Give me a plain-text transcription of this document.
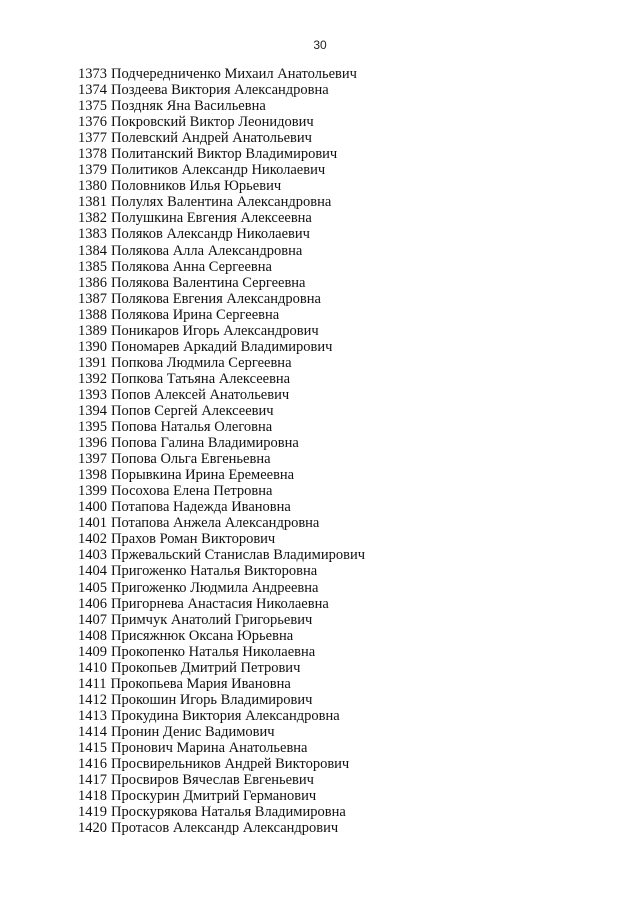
30
1373 Подчередниченко Михаил Анатольевич
1374 Поздеева Виктория Александровна
1375 Поздняк Яна Васильевна
1376 Покровский Виктор Леонидович
1377 Полевский Андрей Анатольевич
1378 Политанский Виктор Владимирович
1379 Политиков Александр Николаевич
1380 Половников Илья Юрьевич
1381 Полулях Валентина Александровна
1382 Полушкина Евгения Алексеевна
1383 Поляков Александр Николаевич
1384 Полякова Алла Александровна
1385 Полякова Анна Сергеевна
1386 Полякова Валентина Сергеевна
1387 Полякова Евгения Александровна
1388 Полякова Ирина Сергеевна
1389 Поникаров Игорь Александрович
1390 Пономарев Аркадий Владимирович
1391 Попкова Людмила Сергеевна
1392 Попкова Татьяна Алексеевна
1393 Попов Алексей Анатольевич
1394 Попов Сергей Алексеевич
1395 Попова Наталья Олеговна
1396 Попова Галина Владимировна
1397 Попова Ольга Евгеньевна
1398 Порывкина Ирина Еремеевна
1399 Посохова Елена Петровна
1400 Потапова Надежда Ивановна
1401 Потапова Анжела Александровна
1402 Прахов Роман Викторович
1403 Пржевальский Станислав Владимирович
1404 Пригоженко Наталья Викторовна
1405 Пригоженко Людмила Андреевна
1406 Пригорнева Анастасия Николаевна
1407 Примчук Анатолий Григорьевич
1408 Присяжнюк Оксана Юрьевна
1409 Прокопенко Наталья Николаевна
1410 Прокопьев Дмитрий Петрович
1411 Прокопьева Мария Ивановна
1412 Прокошин Игорь Владимирович
1413 Прокудина Виктория Александровна
1414 Пронин Денис Вадимович
1415 Пронович Марина Анатольевна
1416 Просвирельников Андрей Викторович
1417 Просвиров Вячеслав Евгеньевич
1418 Проскурин Дмитрий Германович
1419 Проскурякова Наталья Владимировна
1420 Протасов Александр Александрович
